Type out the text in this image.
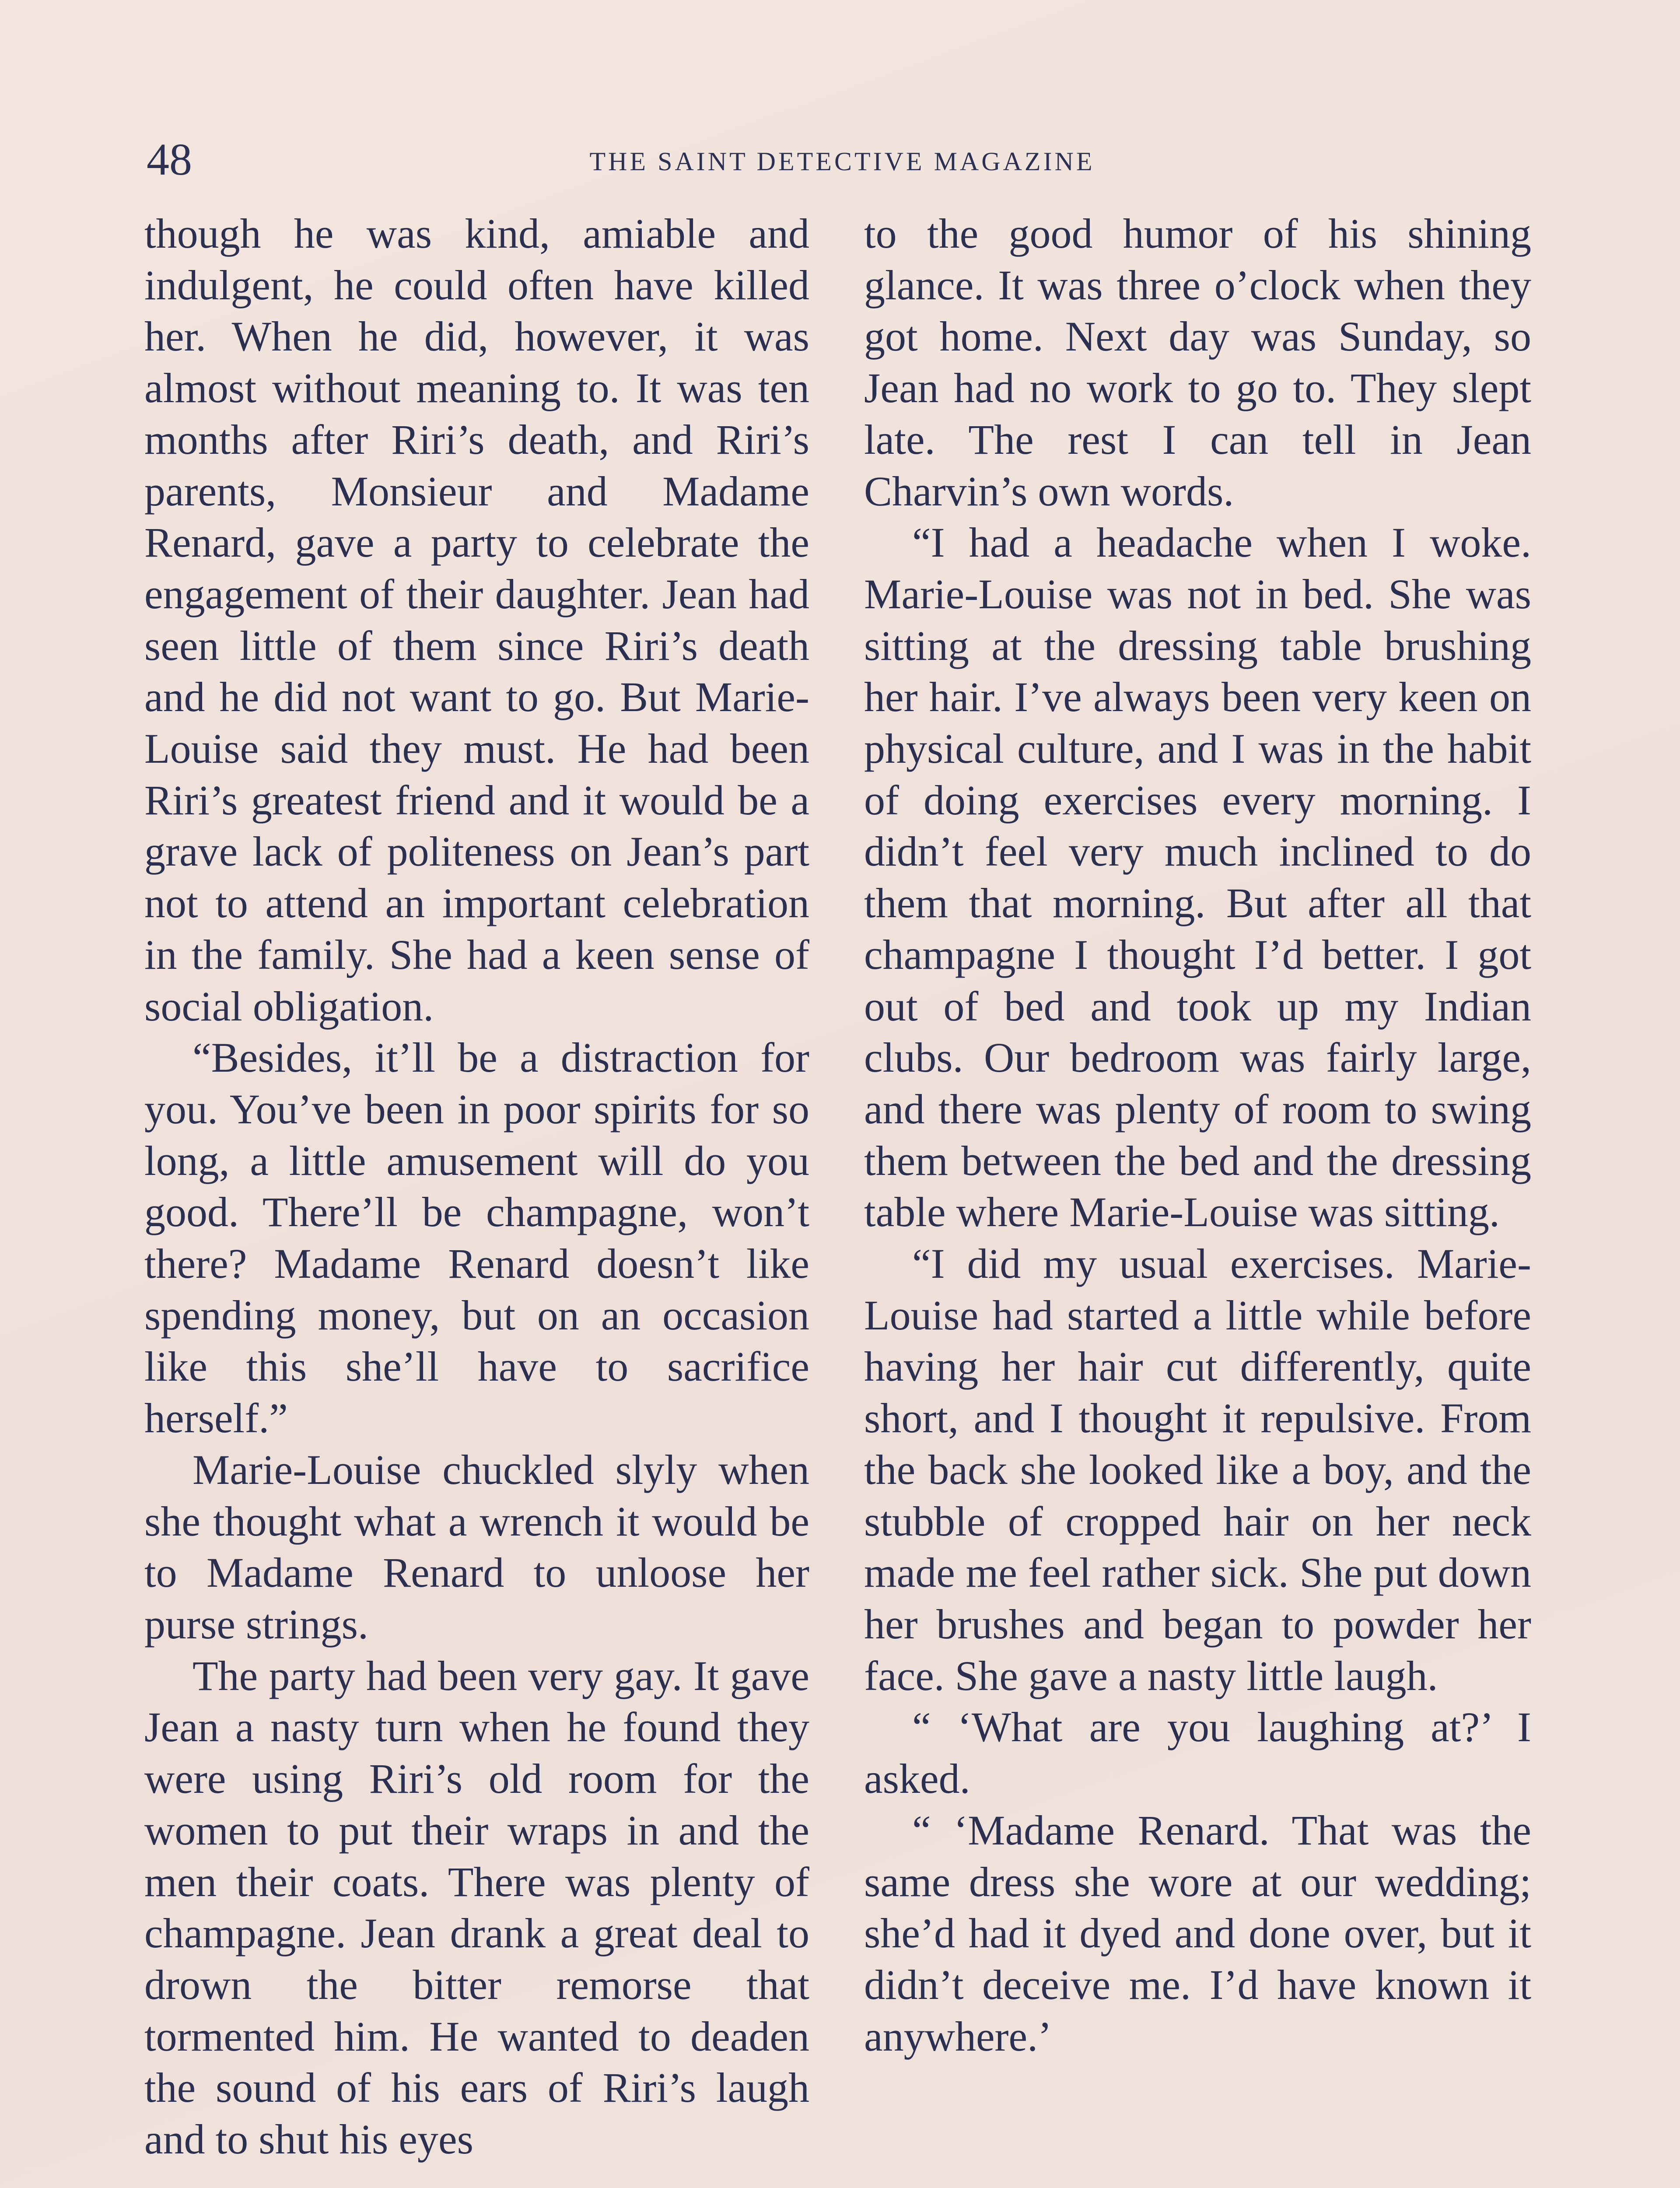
48	THE SAINT DETECTIVE MAGAZINE

though he was kind, amiable and indulgent, he could often have killed her. When he did, however, it was almost without meaning to. It was ten months after Riri’s death, and Riri’s parents, Monsieur and Madame Renard, gave a party to celebrate the engagement of their daughter. Jean had seen little of them since Riri’s death and he did not want to go. But Marie-Louise said they must. He had been Riri’s greatest friend and it would be a grave lack of politeness on Jean’s part not to attend an important celebration in the family. She had a keen sense of social obligation.

“Besides, it’ll be a distraction for you. You’ve been in poor spirits for so long, a little amusement will do you good. There’ll be champagne, won’t there? Madame Renard doesn’t like spending money, but on an occasion like this she’ll have to sacrifice herself.”

Marie-Louise chuckled slyly when she thought what a wrench it would be to Madame Renard to unloose her purse strings.

The party had been very gay. It gave Jean a nasty turn when he found they were using Riri’s old room for the women to put their wraps in and the men their coats. There was plenty of champagne. Jean drank a great deal to drown the bitter remorse that tormented him. He wanted to deaden the sound of his ears of Riri’s laugh and to shut his eyes

to the good humor of his shining glance. It was three o’clock when they got home. Next day was Sunday, so Jean had no work to go to. They slept late. The rest I can tell in Jean Charvin’s own words.

“I had a headache when I woke. Marie-Louise was not in bed. She was sitting at the dressing table brushing her hair. I’ve always been very keen on physical culture, and I was in the habit of doing exercises every morning. I didn’t feel very much inclined to do them that morning. But after all that champagne I thought I’d better. I got out of bed and took up my Indian clubs. Our bedroom was fairly large, and there was plenty of room to swing them between the bed and the dressing table where Marie-Louise was sitting.

“I did my usual exercises. Marie-Louise had started a little while before having her hair cut differently, quite short, and I thought it repulsive. From the back she looked like a boy, and the stubble of cropped hair on her neck made me feel rather sick. She put down her brushes and began to powder her face. She gave a nasty little laugh.

“ ‘What are you laughing at?’ I asked.

“ ‘Madame Renard. That was the same dress she wore at our wedding; she’d had it dyed and done over, but it didn’t deceive me. I’d have known it anywhere.’
